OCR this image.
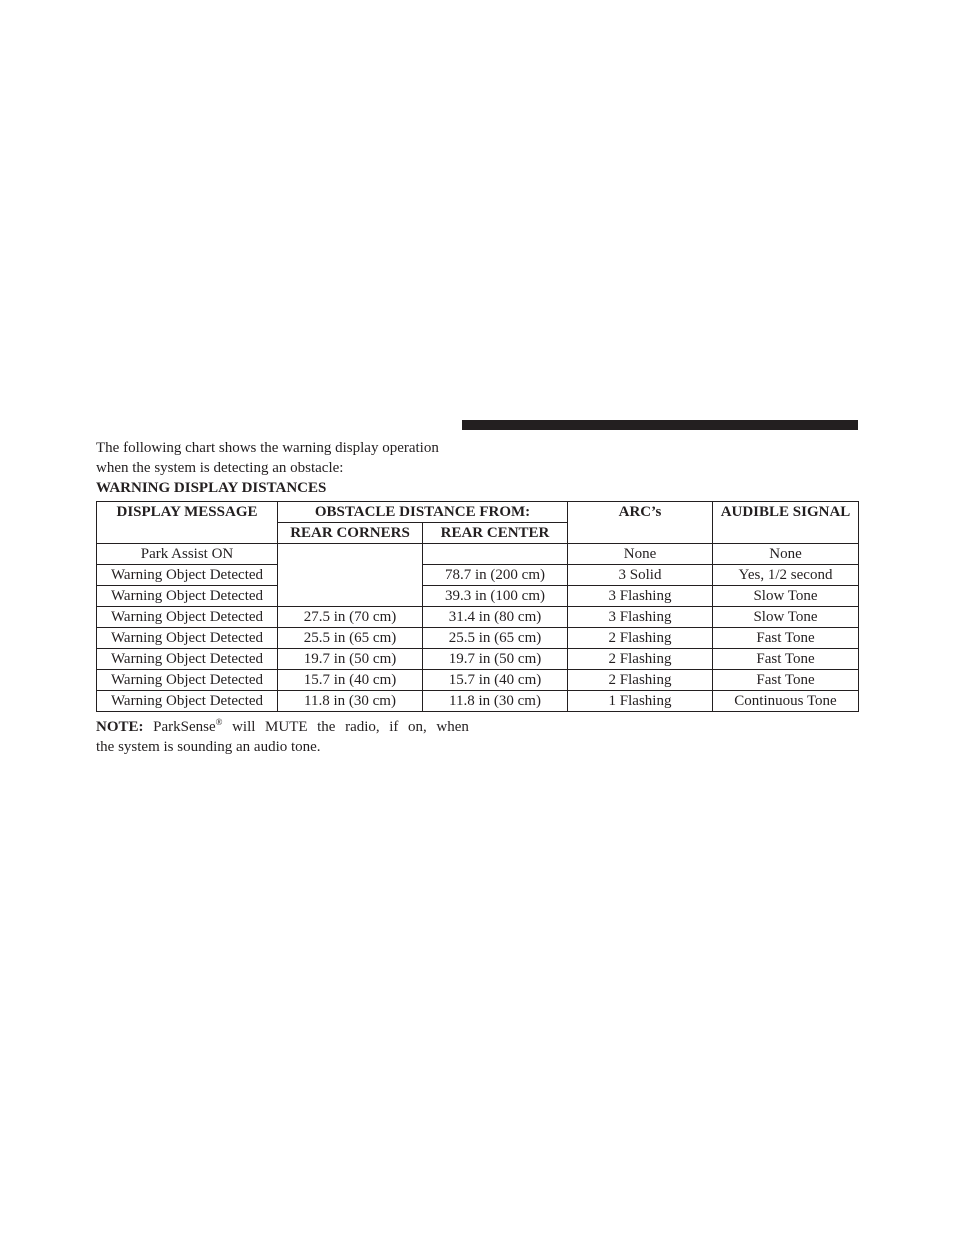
The following chart shows the warning display operation
when the system is detecting an obstacle:
WARNING DISPLAY DISTANCES
DISPLAY MESSAGE	OBSTACLE DISTANCE FROM:		ARC’s	AUDIBLE SIGNAL
	REAR CORNERS	REAR CENTER		
Park Assist ON			None	None
Warning Object Detected		78.7 in (200 cm)	3 Solid	Yes, 1/2 second
Warning Object Detected		39.3 in (100 cm)	3 Flashing	Slow Tone
Warning Object Detected	27.5 in (70 cm)	31.4 in (80 cm)	3 Flashing	Slow Tone
Warning Object Detected	25.5 in (65 cm)	25.5 in (65 cm)	2 Flashing	Fast Tone
Warning Object Detected	19.7 in (50 cm)	19.7 in (50 cm)	2 Flashing	Fast Tone
Warning Object Detected	15.7 in (40 cm)	15.7 in (40 cm)	2 Flashing	Fast Tone
Warning Object Detected	11.8 in (30 cm)	11.8 in (30 cm)	1 Flashing	Continuous Tone
NOTE: ParkSense® will MUTE the radio, if on, when
the system is sounding an audio tone.
